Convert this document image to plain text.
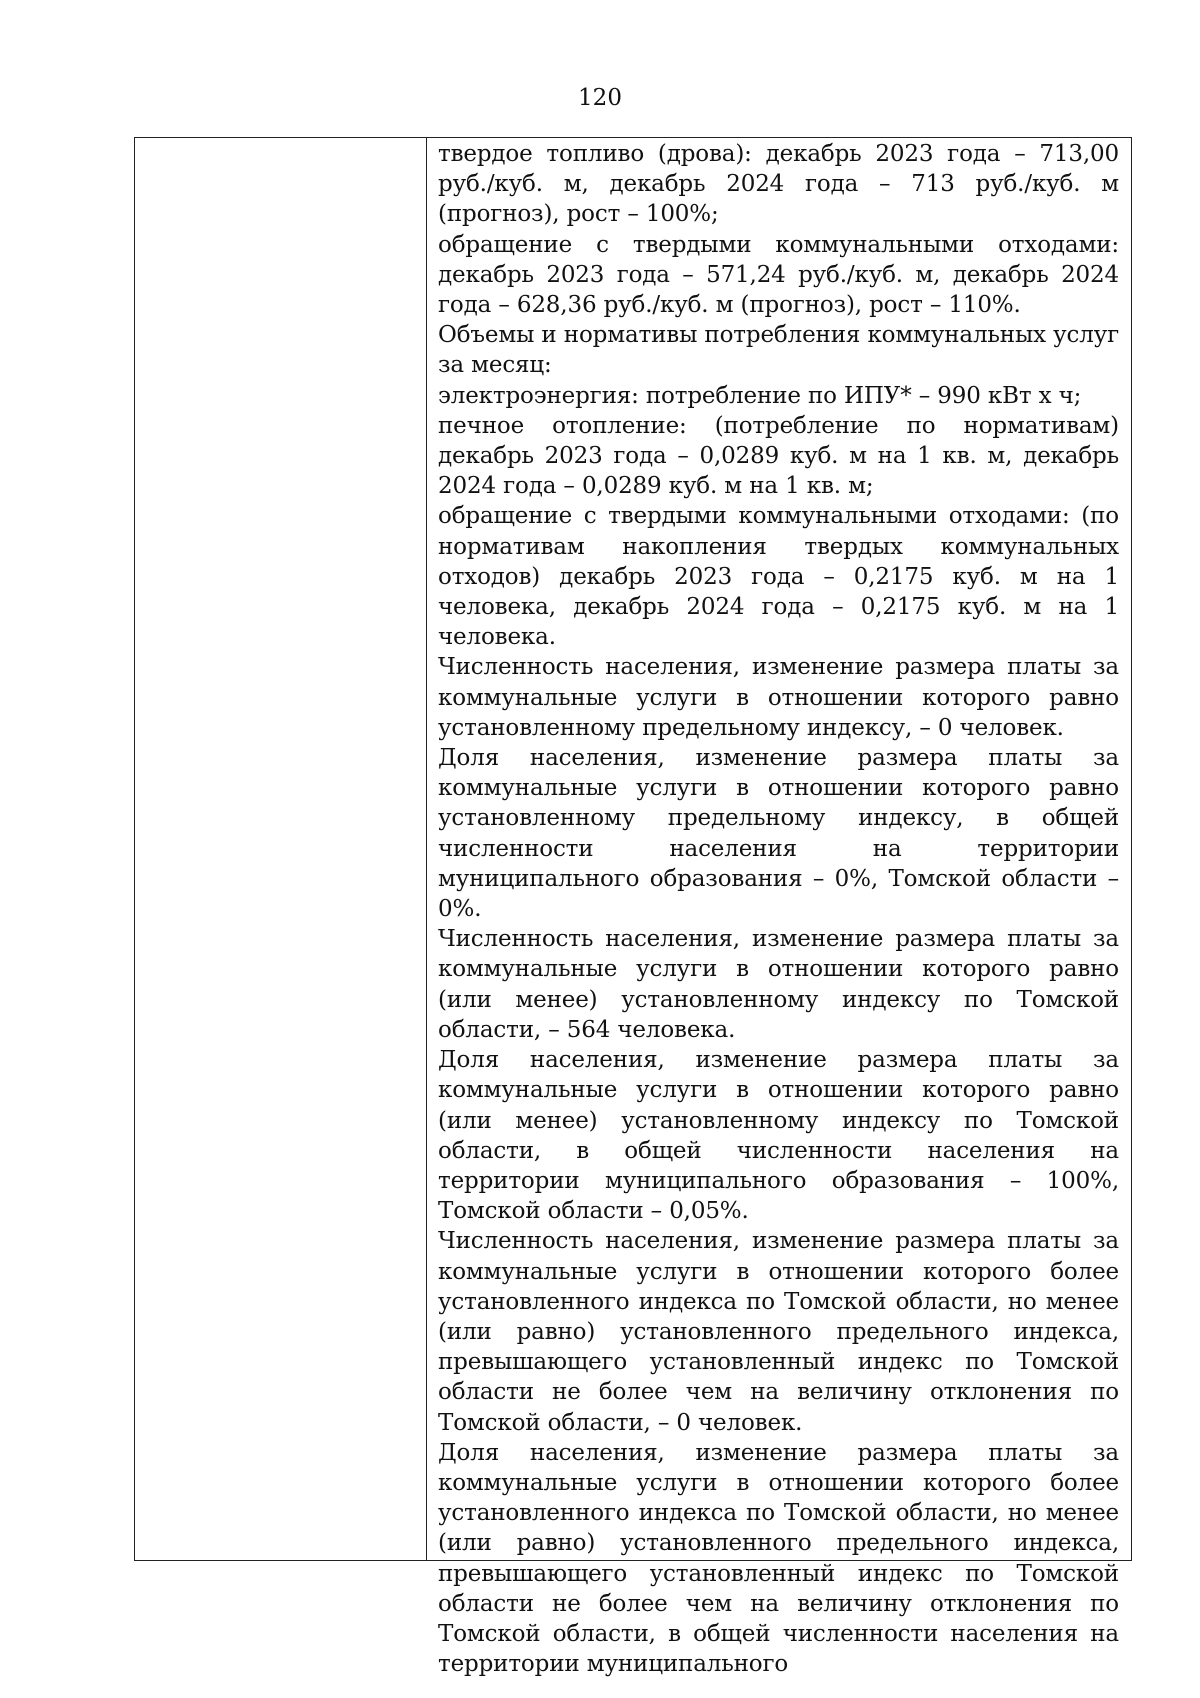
120

твердое топливо (дрова): декабрь 2023 года – 713,00 руб./куб. м, декабрь 2024 года – 713 руб./куб. м (прогноз), рост – 100%;

обращение с твердыми коммунальными отходами: декабрь 2023 года – 571,24 руб./куб. м, декабрь 2024 года – 628,36 руб./куб. м (прогноз), рост – 110%.

Объемы и нормативы потребления коммунальных услуг за месяц:

электроэнергия: потребление по ИПУ* – 990 кВт х ч;

печное отопление: (потребление по нормативам) декабрь 2023 года – 0,0289 куб. м на 1 кв. м, декабрь 2024 года – 0,0289 куб. м на 1 кв. м;

обращение с твердыми коммунальными отходами: (по нормативам накопления твердых коммунальных отходов) декабрь 2023 года – 0,2175 куб. м на 1 человека, декабрь 2024 года – 0,2175 куб. м на 1 человека.

Численность населения, изменение размера платы за коммунальные услуги в отношении которого равно установленному предельному индексу, – 0 человек.

Доля населения, изменение размера платы за коммунальные услуги в отношении которого равно установленному предельному индексу, в общей численности населения на территории муниципального образования – 0%, Томской области – 0%.

Численность населения, изменение размера платы за коммунальные услуги в отношении которого равно (или менее) установленному индексу по Томской области, – 564 человека.

Доля населения, изменение размера платы за коммунальные услуги в отношении которого равно (или менее) установленному индексу по Томской области, в общей численности населения на территории муниципального образования – 100%, Томской области – 0,05%.

Численность населения, изменение размера платы за коммунальные услуги в отношении которого более установленного индекса по Томской области, но менее (или равно) установленного предельного индекса, превышающего установленный индекс по Томской области не более чем на величину отклонения по Томской области, – 0 человек.

Доля населения, изменение размера платы за коммунальные услуги в отношении которого более установленного индекса по Томской области, но менее (или равно) установленного предельного индекса, превышающего установленный индекс по Томской области не более чем на величину отклонения по Томской области, в общей численности населения на территории муниципального
